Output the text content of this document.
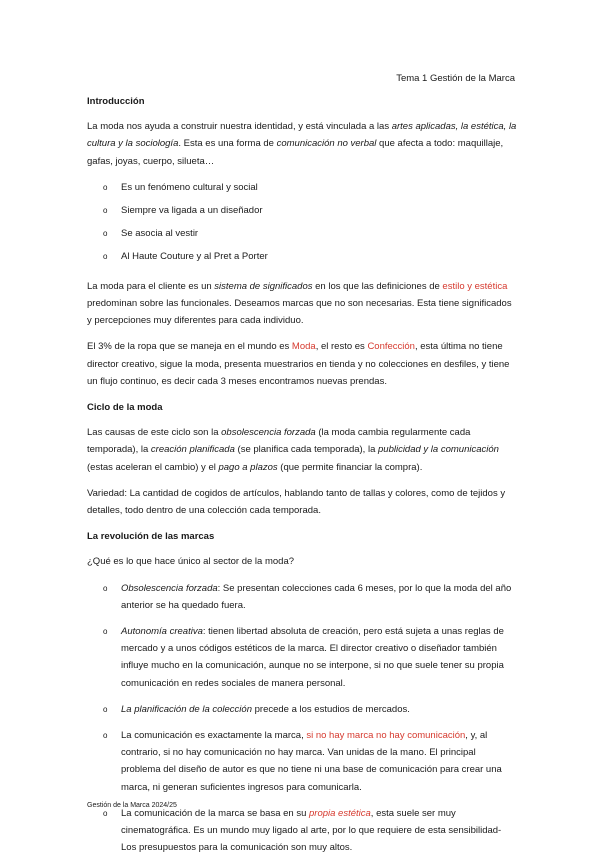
Tema 1 Gestión de la Marca
Introducción

La moda nos ayuda a construir nuestra identidad, y está vinculada a las artes aplicadas, la estética, la cultura y la sociología. Esta es una forma de comunicación no verbal que afecta a todo: maquillaje, gafas, joyas, cuerpo, silueta…

o Es un fenómeno cultural y social
o Siempre va ligada a un diseñador
o Se asocia al vestir
o Al Haute Couture y al Pret a Porter

La moda para el cliente es un sistema de significados en los que las definiciones de estilo y estética predominan sobre las funcionales. Deseamos marcas que no son necesarias. Esta tiene significados y percepciones muy diferentes para cada individuo.

El 3% de la ropa que se maneja en el mundo es Moda, el resto es Confección, esta última no tiene director creativo, sigue la moda, presenta muestrarios en tienda y no colecciones en desfiles, y tiene un flujo continuo, es decir cada 3 meses encontramos nuevas prendas.

Ciclo de la moda

Las causas de este ciclo son la obsolescencia forzada (la moda cambia regularmente cada temporada), la creación planificada (se planifica cada temporada), la publicidad y la comunicación (estas aceleran el cambio) y el pago a plazos (que permite financiar la compra).

Variedad: La cantidad de cogidos de artículos, hablando tanto de tallas y colores, como de tejidos y detalles, todo dentro de una colección cada temporada.

La revolución de las marcas

¿Qué es lo que hace único al sector de la moda?

o Obsolescencia forzada: Se presentan colecciones cada 6 meses, por lo que la moda del año anterior se ha quedado fuera.
o Autonomía creativa: tienen libertad absoluta de creación, pero está sujeta a unas reglas de mercado y a unos códigos estéticos de la marca. El director creativo o diseñador también influye mucho en la comunicación, aunque no se interpone, si no que suele tener su propia comunicación en redes sociales de manera personal.
o La planificación de la colección precede a los estudios de mercados.
o La comunicación es exactamente la marca, si no hay marca no hay comunicación, y, al contrario, si no hay comunicación no hay marca. Van unidas de la mano. El principal problema del diseño de autor es que no tiene ni una base de comunicación para crear una marca, ni generan suficientes ingresos para comunicarla.
o La comunicación de la marca se basa en su propia estética, esta suele ser muy cinematográfica. Es un mundo muy ligado al arte, por lo que requiere de esta sensibilidad- Los presupuestos para la comunicación son muy altos.
Gestión de la Marca 2024/25
